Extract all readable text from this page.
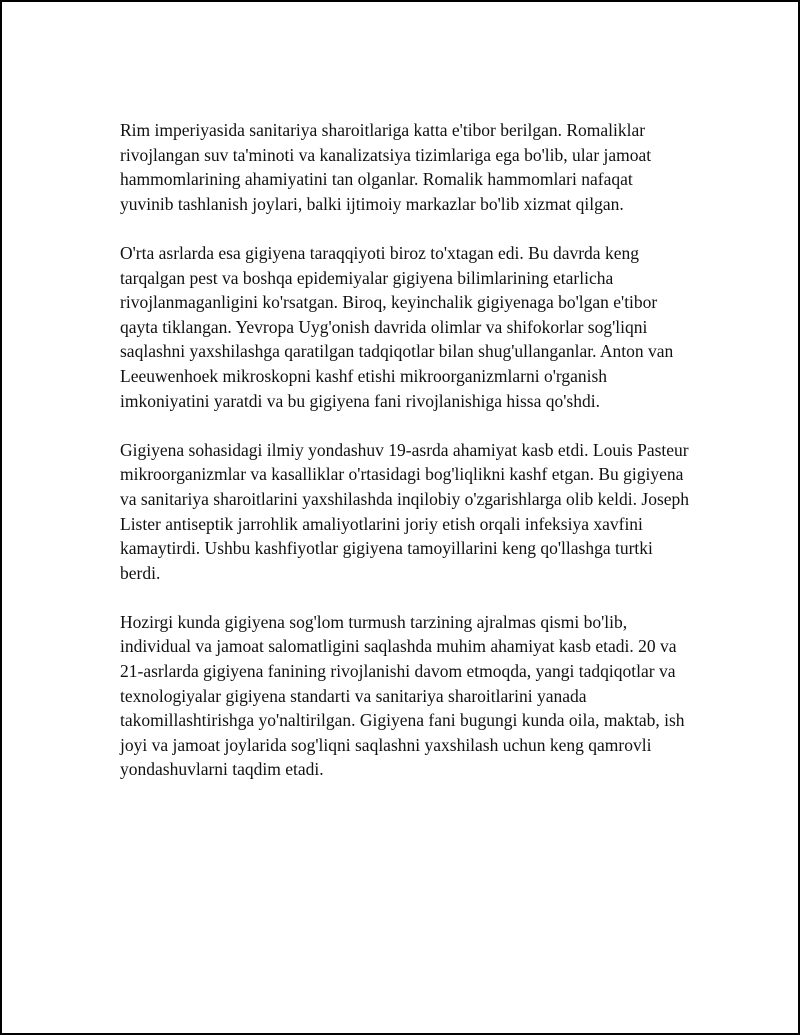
Rim imperiyasida sanitariya sharoitlariga katta e'tibor berilgan. Romaliklar rivojlangan suv ta'minoti va kanalizatsiya tizimlariga ega bo'lib, ular jamoat hammomlarining ahamiyatini tan olganlar. Romalik hammomlari nafaqat yuvinib tashlanish joylari, balki ijtimoiy markazlar bo'lib xizmat qilgan.

O'rta asrlarda esa gigiyena taraqqiyoti biroz to'xtagan edi. Bu davrda keng tarqalgan pest va boshqa epidemiyalar gigiyena bilimlarining etarlicha rivojlanmaganligini ko'rsatgan. Biroq, keyinchalik gigiyenaga bo'lgan e'tibor qayta tiklangan. Yevropa Uyg'onish davrida olimlar va shifokorlar sog'liqni saqlashni yaxshilashga qaratilgan tadqiqotlar bilan shug'ullanganlar. Anton van Leeuwenhoek mikroskopni kashf etishi mikroorganizmlarni o'rganish imkoniyatini yaratdi va bu gigiyena fani rivojlanishiga hissa qo'shdi.

Gigiyena sohasidagi ilmiy yondashuv 19-asrda ahamiyat kasb etdi. Louis Pasteur mikroorganizmlar va kasalliklar o'rtasidagi bog'liqlikni kashf etgan. Bu gigiyena va sanitariya sharoitlarini yaxshilashda inqilobiy o'zgarishlarga olib keldi. Joseph Lister antiseptik jarrohlik amaliyotlarini joriy etish orqali infeksiya xavfini kamaytirdi. Ushbu kashfiyotlar gigiyena tamoyillarini keng qo'llashga turtki berdi.

Hozirgi kunda gigiyena sog'lom turmush tarzining ajralmas qismi bo'lib, individual va jamoat salomatligini saqlashda muhim ahamiyat kasb etadi. 20 va 21-asrlarda gigiyena fanining rivojlanishi davom etmoqda, yangi tadqiqotlar va texnologiyalar gigiyena standarti va sanitariya sharoitlarini yanada takomillashtirishga yo'naltirilgan. Gigiyena fani bugungi kunda oila, maktab, ish joyi va jamoat joylarida sog'liqni saqlashni yaxshilash uchun keng qamrovli yondashuvlarni taqdim etadi.
